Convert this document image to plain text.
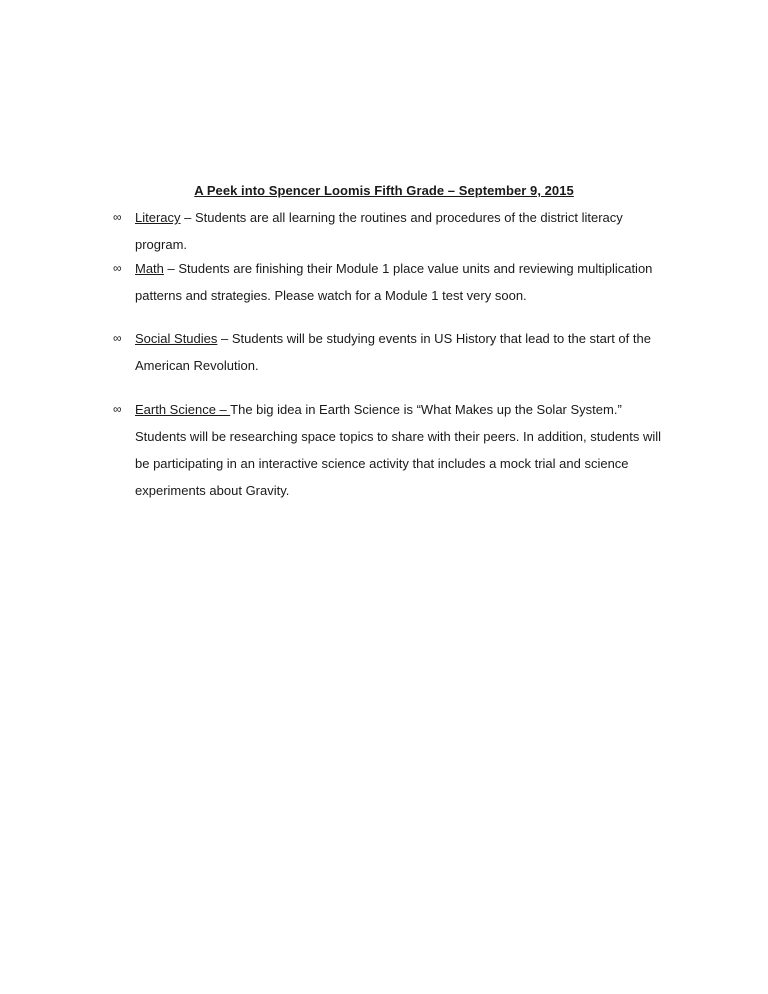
A Peek into Spencer Loomis Fifth Grade – September 9, 2015
∞	Literacy – Students are all learning the routines and procedures of the district literacy program.
∞	Math – Students are finishing their Module 1 place value units and reviewing multiplication patterns and strategies. Please watch for a Module 1 test very soon.
∞	Social Studies – Students will be studying events in US History that lead to the start of the American Revolution.
∞	Earth Science – The big idea in Earth Science is “What Makes up the Solar System.” Students will be researching space topics to share with their peers. In addition, students will be participating in an interactive science activity that includes a mock trial and science experiments about Gravity.
